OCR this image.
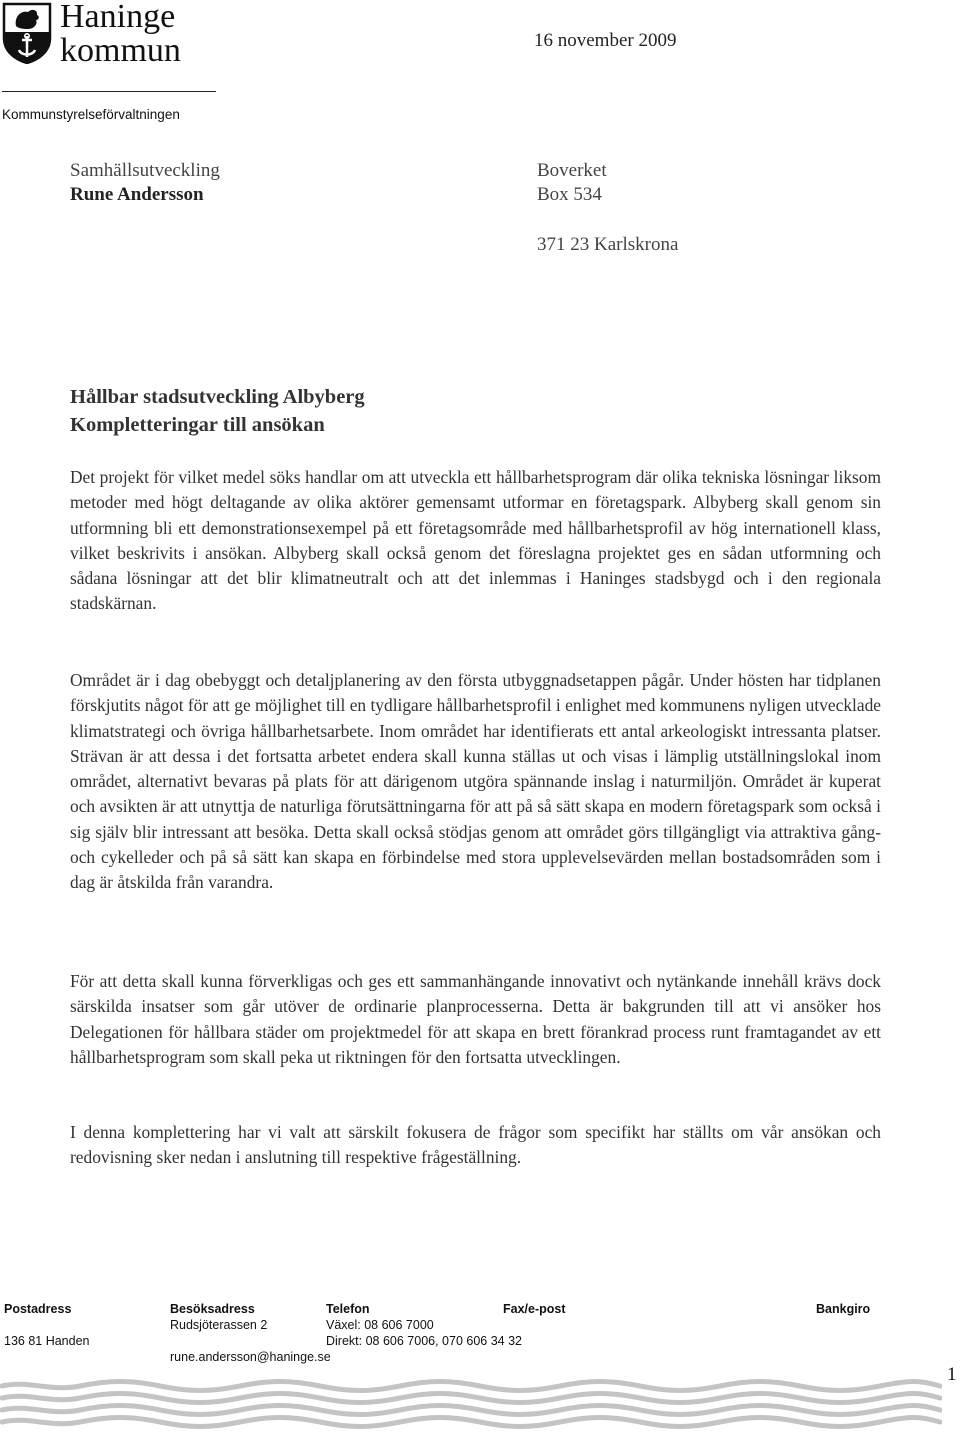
Haninge
kommun
Kommunstyrelseförvaltningen
16 november 2009
Samhällsutveckling
Rune Andersson
Boverket
Box 534
371 23 Karlskrona
Hållbar stadsutveckling Albyberg
Kompletteringar till ansökan

Det projekt för vilket medel söks handlar om att utveckla ett hållbarhetsprogram där olika tekniska lösningar liksom metoder med högt deltagande av olika aktörer gemensamt utformar en företagspark. Albyberg skall genom sin utformning bli ett demonstrationsexempel på ett företagsområde med hållbarhetsprofil av hög internationell klass, vilket beskrivits i ansökan. Albyberg skall också genom det föreslagna projektet ges en sådan utformning och sådana lösningar att det blir klimatneutralt och att det inlemmas i Haninges stadsbygd och i den regionala stadskärnan.

Området är i dag obebyggt och detaljplanering av den första utbyggnadsetappen pågår. Under hösten har tidplanen förskjutits något för att ge möjlighet till en tydligare hållbarhetsprofil i enlighet med kommunens nyligen utvecklade klimatstrategi och övriga hållbarhetsarbete. Inom området har identifierats ett antal arkeologiskt intressanta platser. Strävan är att dessa i det fortsatta arbetet endera skall kunna ställas ut och visas i lämplig utställningslokal inom området, alternativt bevaras på plats för att därigenom utgöra spännande inslag i naturmiljön. Området är kuperat och avsikten är att utnyttja de naturliga förutsättningarna för att på så sätt skapa en modern företagspark som också i sig själv blir intressant att besöka. Detta skall också stödjas genom att området görs tillgängligt via attraktiva gång- och cykelleder och på så sätt kan skapa en förbindelse med stora upplevelsevärden mellan bostadsområden som i dag är åtskilda från varandra.

För att detta skall kunna förverkligas och ges ett sammanhängande innovativt och nytänkande innehåll krävs dock särskilda insatser som går utöver de ordinarie planprocesserna. Detta är bakgrunden till att vi ansöker hos Delegationen för hållbara städer om projektmedel för att skapa en brett förankrad process runt framtagandet av ett hållbarhetsprogram som skall peka ut riktningen för den fortsatta utvecklingen.

I denna komplettering har vi valt att särskilt fokusera de frågor som specifikt har ställts om vår ansökan och redovisning sker nedan i anslutning till respektive frågeställning.

Postadress	Besöksadress	Telefon	Fax/e-post	Bankgiro
Rudsjöterassen 2	Växel: 08 606 7000
136 81 Handen	Direkt: 08 606 7006, 070 606 34 32
rune.andersson@haninge.se
1
